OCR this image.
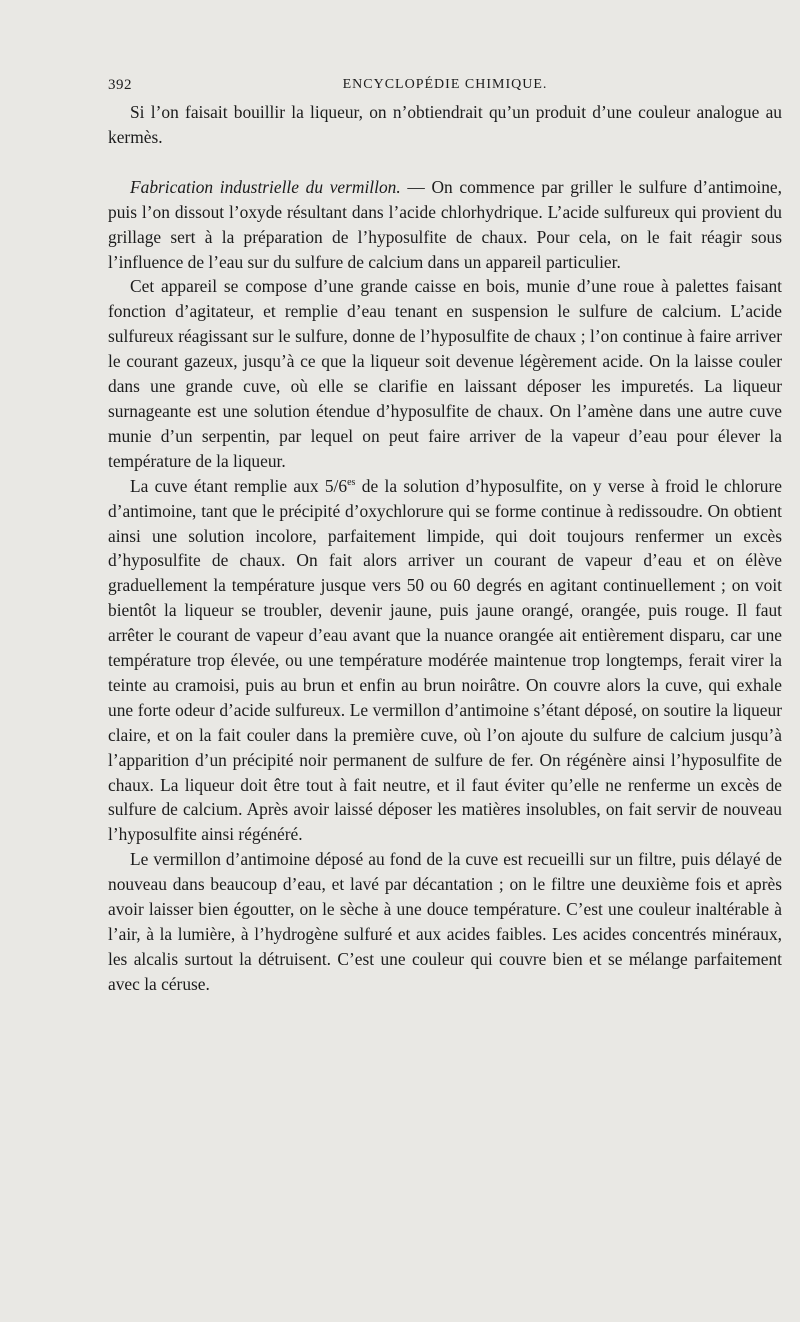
392	ENCYCLOPÉDIE CHIMIQUE.

Si l’on faisait bouillir la liqueur, on n’obtiendrait qu’un produit d’une couleur analogue au kermès.

Fabrication industrielle du vermillon. — On commence par griller le sulfure d’antimoine, puis l’on dissout l’oxyde résultant dans l’acide chlorhydrique. L’acide sulfureux qui provient du grillage sert à la préparation de l’hyposulfite de chaux. Pour cela, on le fait réagir sous l’influence de l’eau sur du sulfure de calcium dans un appareil particulier.

Cet appareil se compose d’une grande caisse en bois, munie d’une roue à palettes faisant fonction d’agitateur, et remplie d’eau tenant en suspension le sulfure de calcium. L’acide sulfureux réagissant sur le sulfure, donne de l’hyposulfite de chaux ; l’on continue à faire arriver le courant gazeux, jusqu’à ce que la liqueur soit devenue légèrement acide. On la laisse couler dans une grande cuve, où elle se clarifie en laissant déposer les impuretés. La liqueur surnageante est une solution étendue d’hyposulfite de chaux. On l’amène dans une autre cuve munie d’un serpentin, par lequel on peut faire arriver de la vapeur d’eau pour élever la température de la liqueur.

La cuve étant remplie aux $5/6^{es}$ de la solution d’hyposulfite, on y verse à froid le chlorure d’antimoine, tant que le précipité d’oxychlorure qui se forme continue à redissoudre. On obtient ainsi une solution incolore, parfaitement limpide, qui doit toujours renfermer un excès d’hyposulfite de chaux. On fait alors arriver un courant de vapeur d’eau et on élève graduellement la température jusque vers 50 ou 60 degrés en agitant continuellement ; on voit bientôt la liqueur se troubler, devenir jaune, puis jaune orangé, orangée, puis rouge. Il faut arrêter le courant de vapeur d’eau avant que la nuance orangée ait entièrement disparu, car une température trop élevée, ou une température modérée maintenue trop longtemps, ferait virer la teinte au cramoisi, puis au brun et enfin au brun noirâtre. On couvre alors la cuve, qui exhale une forte odeur d’acide sulfureux. Le vermillon d’antimoine s’étant déposé, on soutire la liqueur claire, et on la fait couler dans la première cuve, où l’on ajoute du sulfure de calcium jusqu’à l’apparition d’un précipité noir permanent de sulfure de fer. On régénère ainsi l’hyposulfite de chaux. La liqueur doit être tout à fait neutre, et il faut éviter qu’elle ne renferme un excès de sulfure de calcium. Après avoir laissé déposer les matières insolubles, on fait servir de nouveau l’hyposulfite ainsi régénéré.

Le vermillon d’antimoine déposé au fond de la cuve est recueilli sur un filtre, puis délayé de nouveau dans beaucoup d’eau, et lavé par décantation ; on le filtre une deuxième fois et après avoir laisser bien égoutter, on le sèche à une douce température. C’est une couleur inaltérable à l’air, à la lumière, à l’hydrogène sulfuré et aux acides faibles. Les acides concentrés minéraux, les alcalis surtout la détruisent. C’est une couleur qui couvre bien et se mélange parfaitement avec la céruse.
